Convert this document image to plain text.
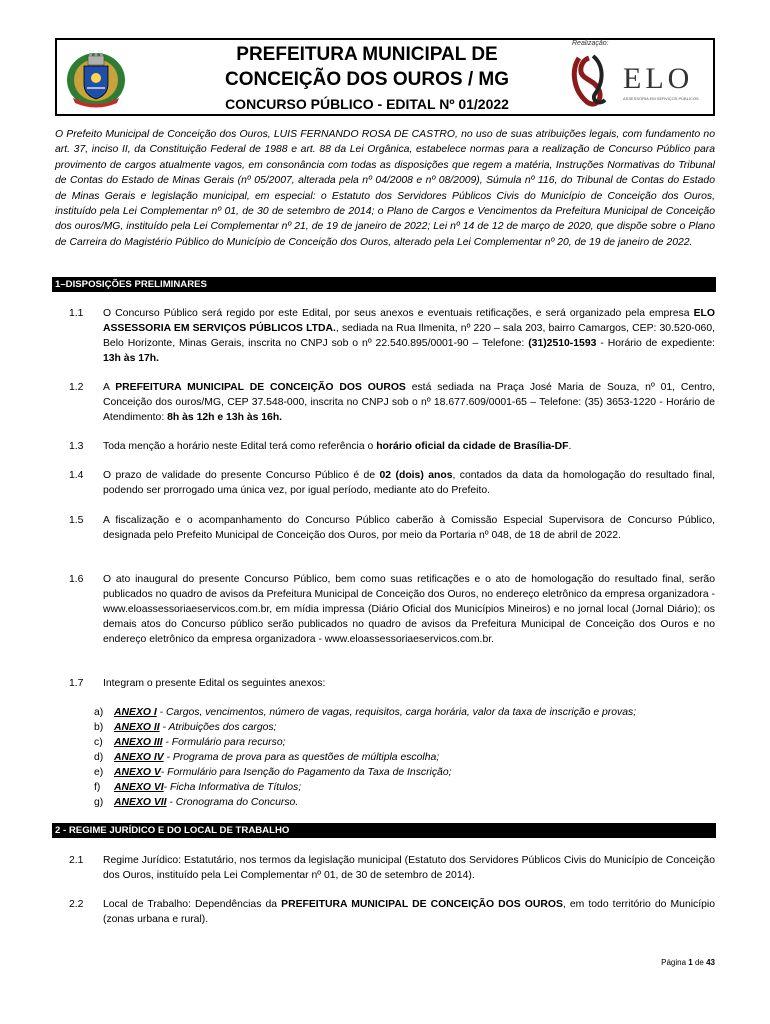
PREFEITURA MUNICIPAL DE
CONCEIÇÃO DOS OUROS / MG
CONCURSO PÚBLICO - EDITAL Nº 01/2022
Realização:
ELO
ASSESSORIA EM SERVIÇOS PÚBLICOS
O Prefeito Municipal de Conceição dos Ouros, LUIS FERNANDO ROSA DE CASTRO, no uso de suas atribuições legais, com fundamento no art. 37, inciso II, da Constituição Federal de 1988 e art. 88 da Lei Orgânica, estabelece normas para a realização de Concurso Público para provimento de cargos atualmente vagos, em consonância com todas as disposições que regem a matéria, Instruções Normativas do Tribunal de Contas do Estado de Minas Gerais (nº 05/2007, alterada pela nº 04/2008 e nº 08/2009), Súmula nº 116, do Tribunal de Contas do Estado de Minas Gerais e legislação municipal, em especial: o Estatuto dos Servidores Públicos Civis do Município de Conceição dos Ouros, instituído pela Lei Complementar nº 01, de 30 de setembro de 2014; o Plano de Cargos e Vencimentos da Prefeitura Municipal de Conceição dos ouros/MG, instituído pela Lei Complementar nº 21, de 19 de janeiro de 2022; Lei nº 14 de 12 de março de 2020, que dispõe sobre o Plano de Carreira do Magistério Público do Município de Conceição dos Ouros, alterado pela Lei Complementar nº 20, de 19 de janeiro de 2022.
1–DISPOSIÇÕES PRELIMINARES
1.1 O Concurso Público será regido por este Edital, por seus anexos e eventuais retificações, e será organizado pela empresa ELO ASSESSORIA EM SERVIÇOS PÚBLICOS LTDA., sediada na Rua Ilmenita, nº 220 – sala 203, bairro Camargos, CEP: 30.520-060, Belo Horizonte, Minas Gerais, inscrita no CNPJ sob o nº 22.540.895/0001-90 – Telefone: (31)2510-1593 - Horário de expediente: 13h às 17h.
1.2 A PREFEITURA MUNICIPAL DE CONCEIÇÃO DOS OUROS está sediada na Praça José Maria de Souza, nº 01, Centro, Conceição dos ouros/MG, CEP 37.548-000, inscrita no CNPJ sob o nº 18.677.609/0001-65 – Telefone: (35) 3653-1220 - Horário de Atendimento: 8h às 12h e 13h às 16h.
1.3 Toda menção a horário neste Edital terá como referência o horário oficial da cidade de Brasília-DF.
1.4 O prazo de validade do presente Concurso Público é de 02 (dois) anos, contados da data da homologação do resultado final, podendo ser prorrogado uma única vez, por igual período, mediante ato do Prefeito.
1.5 A fiscalização e o acompanhamento do Concurso Público caberão à Comissão Especial Supervisora de Concurso Público, designada pelo Prefeito Municipal de Conceição dos Ouros, por meio da Portaria nº 048, de 18 de abril de 2022.
1.6 O ato inaugural do presente Concurso Público, bem como suas retificações e o ato de homologação do resultado final, serão publicados no quadro de avisos da Prefeitura Municipal de Conceição dos Ouros, no endereço eletrônico da empresa organizadora - www.eloassessoriaeservicos.com.br, em mídia impressa (Diário Oficial dos Municípios Mineiros) e no jornal local (Jornal Diário); os demais atos do Concurso público serão publicados no quadro de avisos da Prefeitura Municipal de Conceição dos Ouros e no endereço eletrônico da empresa organizadora - www.eloassessoriaeservicos.com.br.
1.7 Integram o presente Edital os seguintes anexos:
a) ANEXO I - Cargos, vencimentos, número de vagas, requisitos, carga horária, valor da taxa de inscrição e provas;
b) ANEXO II - Atribuições dos cargos;
c) ANEXO III - Formulário para recurso;
d) ANEXO IV - Programa de prova para as questões de múltipla escolha;
e) ANEXO V- Formulário para Isenção do Pagamento da Taxa de Inscrição;
f) ANEXO VI- Ficha Informativa de Títulos;
g) ANEXO VII - Cronograma do Concurso.
2 - REGIME JURÍDICO E DO LOCAL DE TRABALHO
2.1 Regime Jurídico: Estatutário, nos termos da legislação municipal (Estatuto dos Servidores Públicos Civis do Município de Conceição dos Ouros, instituído pela Lei Complementar nº 01, de 30 de setembro de 2014).
2.2 Local de Trabalho: Dependências da PREFEITURA MUNICIPAL DE CONCEIÇÃO DOS OUROS, em todo território do Município (zonas urbana e rural).
Página 1 de 43
